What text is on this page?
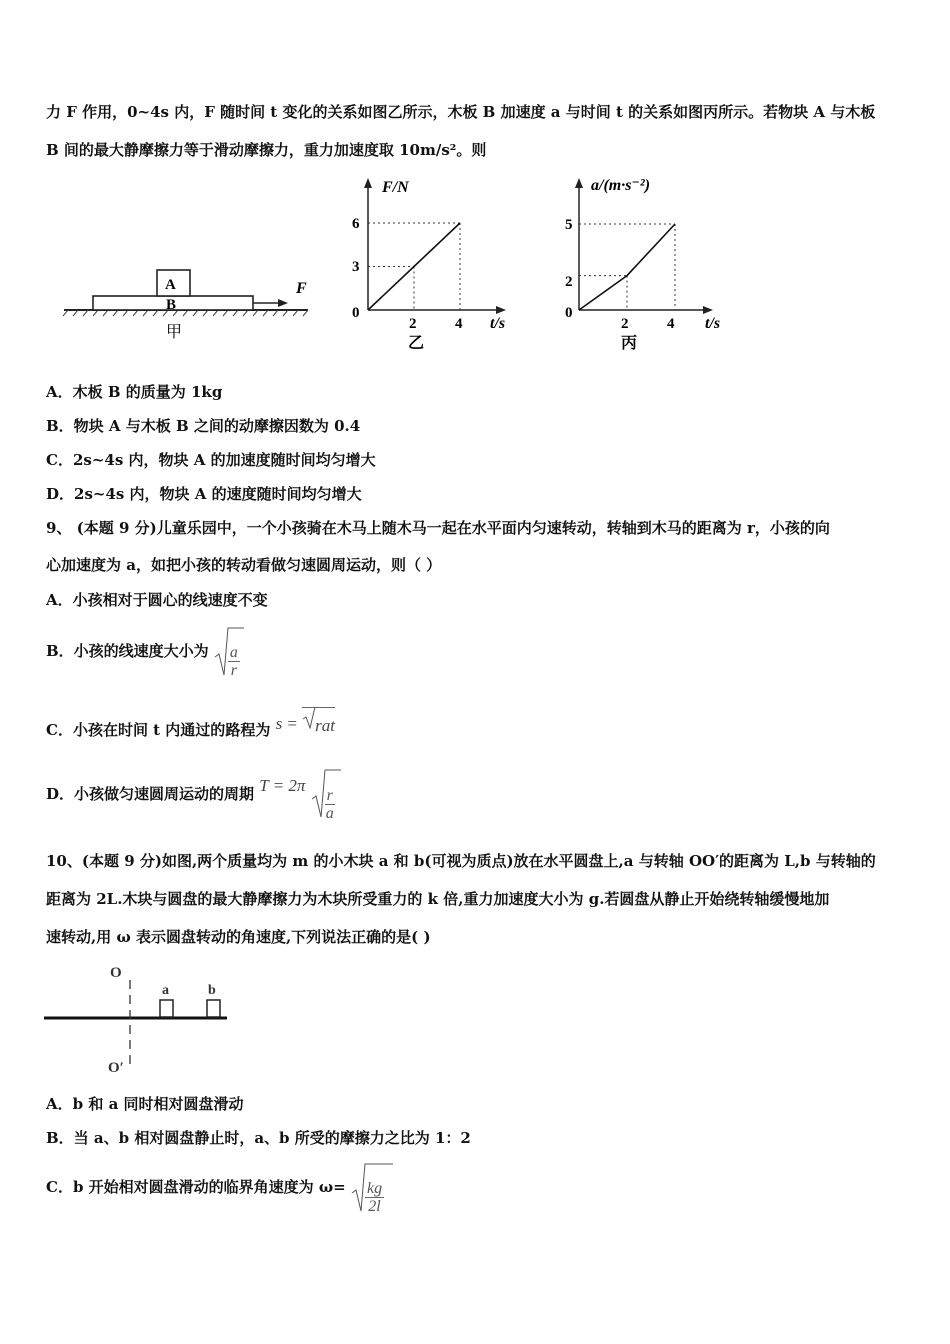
力 F 作用，0~4s 内，F 随时间 t 变化的关系如图乙所示，木板 B 加速度 a 与时间 t 的关系如图丙所示。若物块 A 与木板
B 间的最大静摩擦力等于滑动摩擦力，重力加速度取 10m/s²。则
A
B
F
甲
F/N
t/s
0
2	4
3
6
乙
a/(m·s⁻²)
t/s
0
2	4
2
5
丙
A．木板 B 的质量为 1kg
B．物块 A 与木板 B 之间的动摩擦因数为 0.4
C．2s~4s 内，物块 A 的加速度随时间均匀增大
D．2s~4s 内，物块 A 的速度随时间均匀增大
9、 (本题 9 分)儿童乐园中，一个小孩骑在木马上随木马一起在水平面内匀速转动，转轴到木马的距离为 r，小孩的向
心加速度为 a，如把小孩的转动看做匀速圆周运动，则（ ）
A．小孩相对于圆心的线速度不变
B．小孩的线速度大小为 $\frac{a}{r}$
C．小孩在时间 t 内通过的路程为 s = rat
D．小孩做匀速圆周运动的周期 T = 2π
$\frac{r}{a}$
10、(本题 9 分)如图,两个质量均为 m 的小木块 a 和 b(可视为质点)放在水平圆盘上,a 与转轴 OO′的距离为 L,b 与转轴的
距离为 2L.木块与圆盘的最大静摩擦力为木块所受重力的 k 倍,重力加速度大小为 g.若圆盘从静止开始绕转轴缓慢地加
速转动,用 ω 表示圆盘转动的角速度,下列说法正确的是( )
O
O′
a	b
A．b 和 a 同时相对圆盘滑动
B．当 a、b 相对圆盘静止时，a、b 所受的摩擦力之比为 1：2
C．b 开始相对圆盘滑动的临界角速度为 $\omega= \frac{kg}{2l}$
